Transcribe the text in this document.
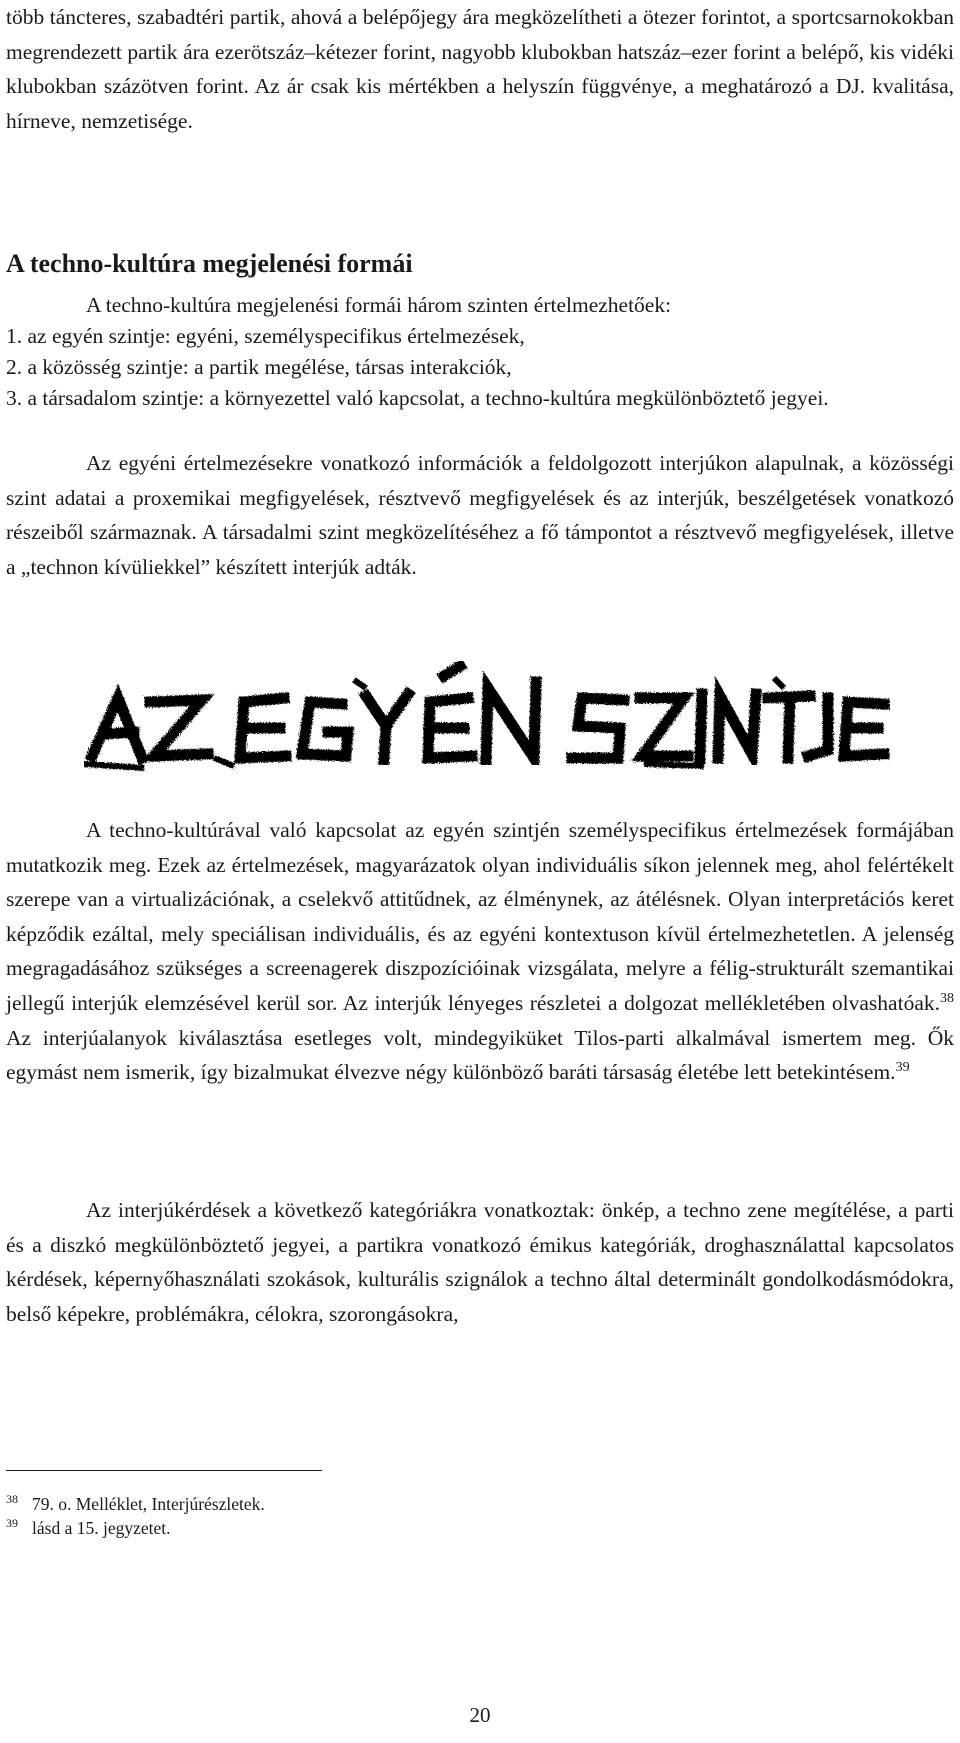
több táncteres, szabadtéri partik, ahová a belépőjegy ára megközelítheti a ötezer forintot, a sportcsarnokokban megrendezett partik ára ezerötszáz–kétezer forint, nagyobb klubokban hatszáz–ezer forint a belépő, kis vidéki klubokban százötven forint. Az ár csak kis mértékben a helyszín függvénye, a meghatározó a DJ. kvalitása, hírneve, nemzetisége.

A techno-kultúra megjelenési formái
A techno-kultúra megjelenési formái három szinten értelmezhetőek:
1. az egyén szintje: egyéni, személyspecifikus értelmezések,
2. a közösség szintje: a partik megélése, társas interakciók,
3. a társadalom szintje: a környezettel való kapcsolat, a techno-kultúra megkülönböztető jegyei.

Az egyéni értelmezésekre vonatkozó információk a feldolgozott interjúkon alapulnak, a közösségi szint adatai a proxemikai megfigyelések, résztvevő megfigyelések és az interjúk, beszélgetések vonatkozó részeiből származnak. A társadalmi szint megközelítéséhez a fő támpontot a résztvevő megfigyelések, illetve a „technon kívüliekkel” készített interjúk adták.

A techno-kultúrával való kapcsolat az egyén szintjén személyspecifikus értelmezések formájában mutatkozik meg. Ezek az értelmezések, magyarázatok olyan individuális síkon jelennek meg, ahol felértékelt szerepe van a virtualizációnak, a cselekvő attitűdnek, az élménynek, az átélésnek. Olyan interpretációs keret képződik ezáltal, mely speciálisan individuális, és az egyéni kontextuson kívül értelmezhetetlen. A jelenség megragadásához szükséges a screenagerek diszpozícióinak vizsgálata, melyre a félig-strukturált szemantikai jellegű interjúk elemzésével kerül sor. Az interjúk lényeges részletei a dolgozat mellékletében olvashatóak.$^{38}$ Az interjúalanyok kiválasztása esetleges volt, mindegyiküket Tilos-parti alkalmával ismertem meg. Ők egymást nem ismerik, így bizalmukat élvezve négy különböző baráti társaság életébe lett betekintésem.$^{39}$

Az interjúkérdések a következő kategóriákra vonatkoztak: önkép, a techno zene megítélése, a parti és a diszkó megkülönböztető jegyei, a partikra vonatkozó émikus kategóriák, droghasználattal kapcsolatos kérdések, képernyőhasználati szokások, kulturális szignálok a techno által determinált gondolkodásmódokra, belső képekre, problémákra, célokra, szorongásokra,

$^{38}$ 79. o. Melléklet, Interjúrészletek.
$^{39}$ lásd a 15. jegyzetet.
20
